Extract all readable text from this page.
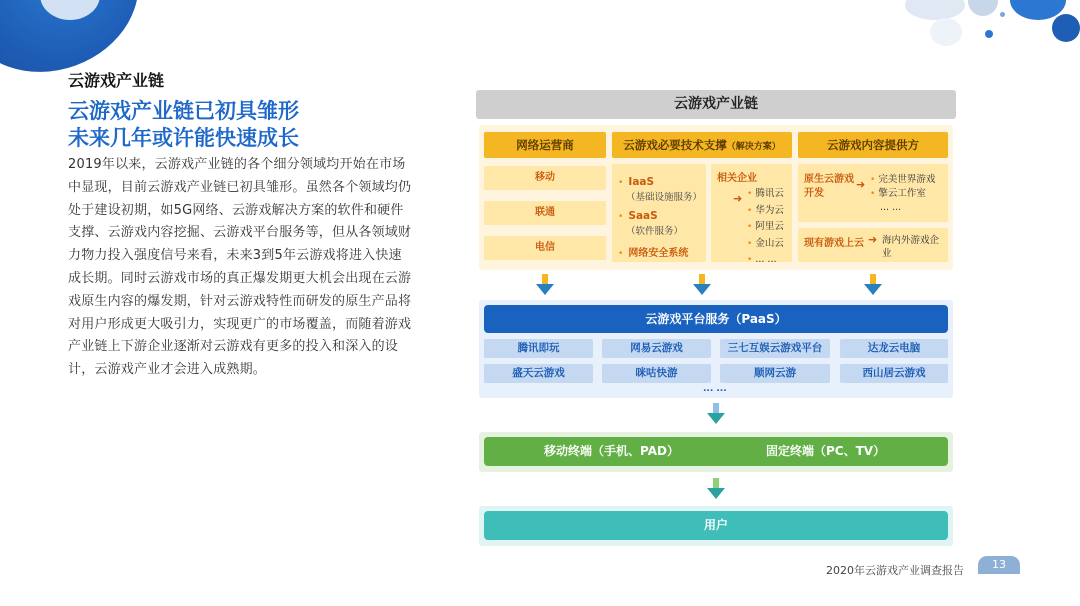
云游戏产业链
云游戏产业链已初具雏形
未来几年或许能快速成长
2019年以来，云游戏产业链的各个细分领域均开始在市场中显现，目前云游戏产业链已初具雏形。虽然各个领域均仍处于建设初期，如5G网络、云游戏解决方案的软件和硬件支撑、云游戏内容挖掘、云游戏平台服务等，但从各领域财力物力投入强度信号来看，未来3到5年云游戏将进入快速成长期。同时云游戏市场的真正爆发期更大机会出现在云游戏原生内容的爆发期，针对云游戏特性而研发的原生产品将对用户形成更大吸引力，实现更广的市场覆盖，而随着游戏产业链上下游企业逐渐对云游戏有更多的投入和深入的设计，云游戏产业才会进入成熟期。
云游戏产业链
网络运营商
移动
联通
电信
云游戏必要技术支撑（解决方案）
• IaaS
（基础设施服务）
• SaaS
（软件服务）
• 网络安全系统
相关企业
➜ • 腾讯云
• 华为云
• 阿里云
• 金山云
• ... ...
云游戏内容提供方
原生云游戏开发
➜ • 完美世界游戏
• 擎云工作室
... ...
现有游戏上云 ➜ 海内外游戏企业
云游戏平台服务（PaaS）
腾讯即玩	网易云游戏	三七互娱云游戏平台	达龙云电脑
盛天云游戏	咪咕快游	顺网云游	西山居云游戏
... ...
移动终端（手机、PAD）	固定终端（PC、TV）
用户
2020年云游戏产业调查报告	13
